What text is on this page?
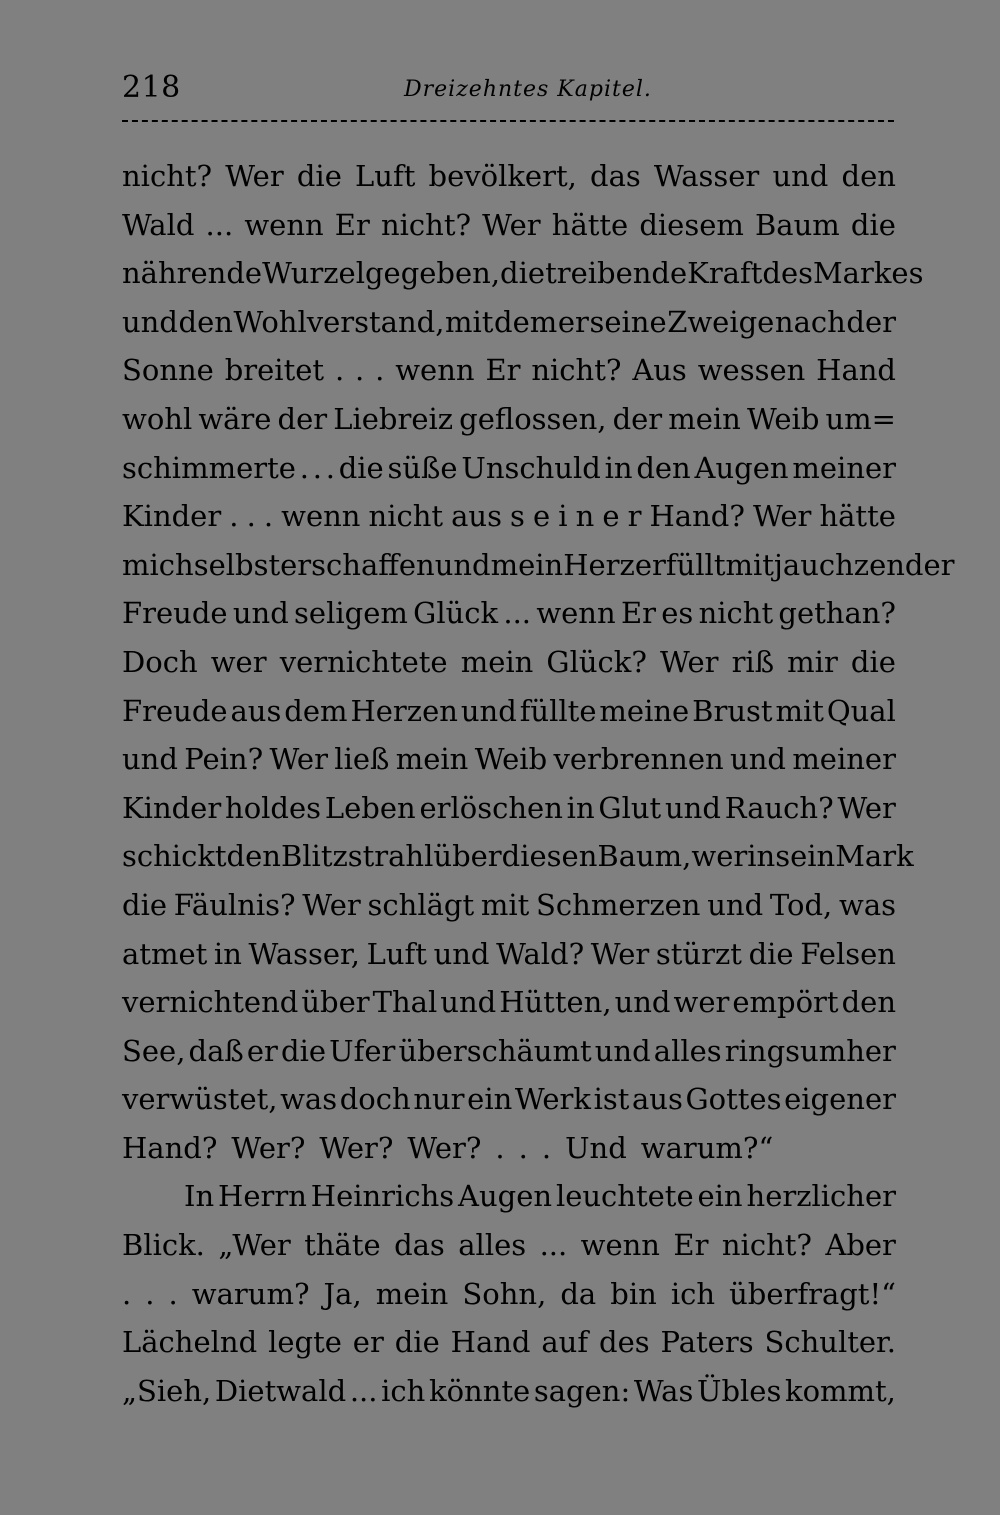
218	Dreizehntes Kapitel.
nicht? Wer die Luft bevölkert, das Wasser und den
Wald ... wenn Er nicht? Wer hätte diesem Baum die
nährende Wurzel gegeben, die treibende Kraft des Markes
und den Wohlverstand, mit dem er seine Zweige nach der
Sonne breitet . . . wenn Er nicht? Aus wessen Hand
wohl wäre der Liebreiz geflossen, der mein Weib um=
schimmerte . . . die süße Unschuld in den Augen meiner
Kinder . . . wenn nicht aus s e i n e r Hand? Wer hätte
mich selbst erschaffen und mein Herz erfüllt mit jauchzender
Freude und seligem Glück ... wenn Er es nicht gethan?
Doch wer vernichtete mein Glück? Wer riß mir die
Freude aus dem Herzen und füllte meine Brust mit Qual
und Pein? Wer ließ mein Weib verbrennen und meiner
Kinder holdes Leben erlöschen in Glut und Rauch? Wer
schickt den Blitzstrahl über diesen Baum, wer in sein Mark
die Fäulnis? Wer schlägt mit Schmerzen und Tod, was
atmet in Wasser, Luft und Wald? Wer stürzt die Felsen
vernichtend über Thal und Hütten, und wer empört den
See, daß er die Ufer überschäumt und alles ringsumher
verwüstet, was doch nur ein Werk ist aus Gottes eigener
Hand? Wer? Wer? Wer? . . . Und warum?“
In Herrn Heinrichs Augen leuchtete ein herzlicher
Blick. „Wer thäte das alles ... wenn Er nicht? Aber
. . . warum? Ja, mein Sohn, da bin ich überfragt!“
Lächelnd legte er die Hand auf des Paters Schulter.
„Sieh, Dietwald ... ich könnte sagen: Was Übles kommt,
